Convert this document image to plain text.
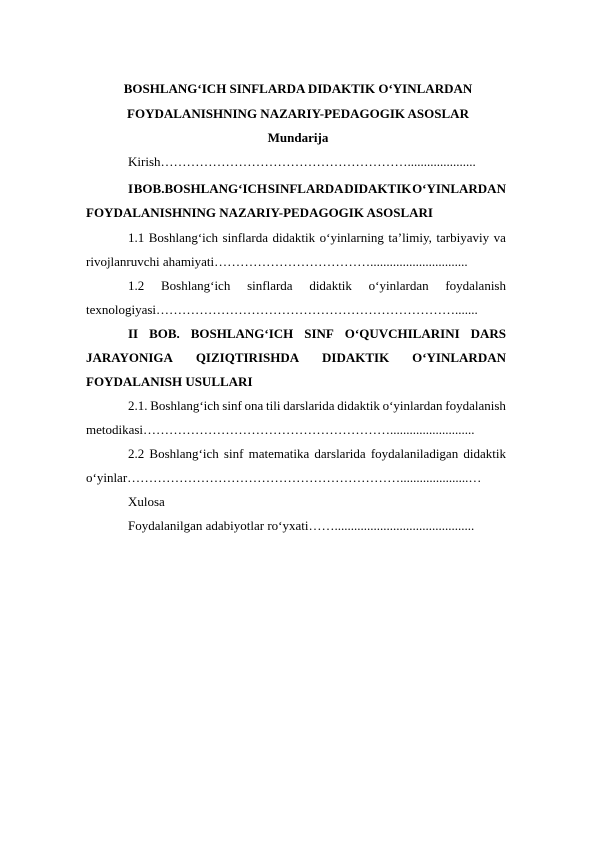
BOSHLANG‘ICH SINFLARDA DIDAKTIK O‘YINLARDAN
FOYDALANISHNING NAZARIY-PEDAGOGIK ASOSLAR
Mundarija
Kirish………………………………………………….....................
I BOB.BOSHLANG‘ICH SINFLARDA DIDAKTIK O‘YINLARDAN
FOYDALANISHNING NAZARIY-PEDAGOGIK ASOSLARI
1.1 Boshlang‘ich sinflarda didaktik o‘yinlarning ta’limiy, tarbiyaviy va
rivojlanruvchi ahamiyati………………………………..............................
1.2 Boshlang‘ich sinflarda didaktik o‘yinlardan foydalanish
texnologiyasi…………………………………………………………….......
II BOB. BOSHLANG‘ICH SINF O‘QUVCHILARINI DARS
JARAYONIGA QIZIQTIRISHDA DIDAKTIK O‘YINLARDAN
FOYDALANISH USULLARI
2.1. Boshlang‘ich sinf ona tili darslarida didaktik o‘yinlardan foydalanish
metodikasi…………………………………………………..........................
2.2 Boshlang‘ich sinf matematika darslarida foydalaniladigan didaktik
o‘yinlar……………………………………………………….....................…
Xulosa
Foydalanilgan adabiyotlar ro‘yxati……...........................................
